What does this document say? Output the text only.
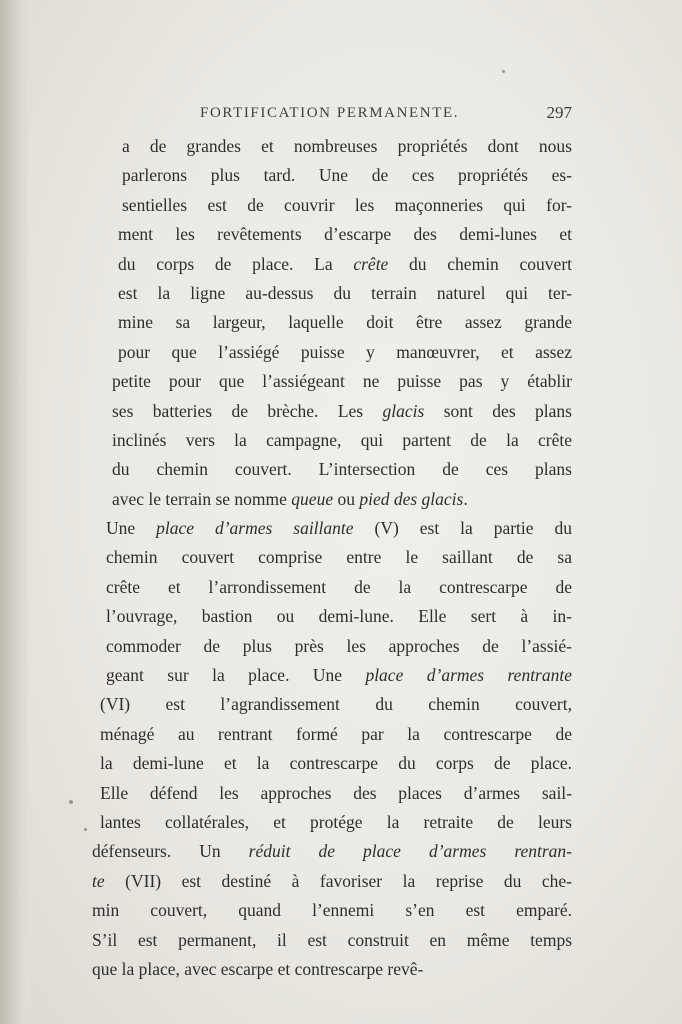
FORTIFICATION PERMANENTE.	297
a de grandes et nombreuses propriétés dont nous
parlerons plus tard. Une de ces propriétés es-
sentielles est de couvrir les maçonneries qui for-
ment les revêtements d’escarpe des demi-lunes et
du corps de place. La crête du chemin couvert
est la ligne au-dessus du terrain naturel qui ter-
mine sa largeur, laquelle doit être assez grande
pour que l’assiégé puisse y manœuvrer, et assez
petite pour que l’assiégeant ne puisse pas y établir
ses batteries de brèche. Les glacis sont des plans
inclinés vers la campagne, qui partent de la crête
du chemin couvert. L’intersection de ces plans
avec le terrain se nomme queue ou pied des glacis.
Une place d’armes saillante (V) est la partie du
chemin couvert comprise entre le saillant de sa
crête et l’arrondissement de la contrescarpe de
l’ouvrage, bastion ou demi-lune. Elle sert à in-
commoder de plus près les approches de l’assié-
geant sur la place. Une place d’armes rentrante
(VI) est l’agrandissement du chemin couvert,
ménagé au rentrant formé par la contrescarpe de
la demi-lune et la contrescarpe du corps de place.
Elle défend les approches des places d’armes sail-
lantes collatérales, et protége la retraite de leurs
défenseurs. Un réduit de place d’armes rentran-
te (VII) est destiné à favoriser la reprise du che-
min couvert, quand l’ennemi s’en est emparé.
S’il est permanent, il est construit en même temps
que la place, avec escarpe et contrescarpe revê-
